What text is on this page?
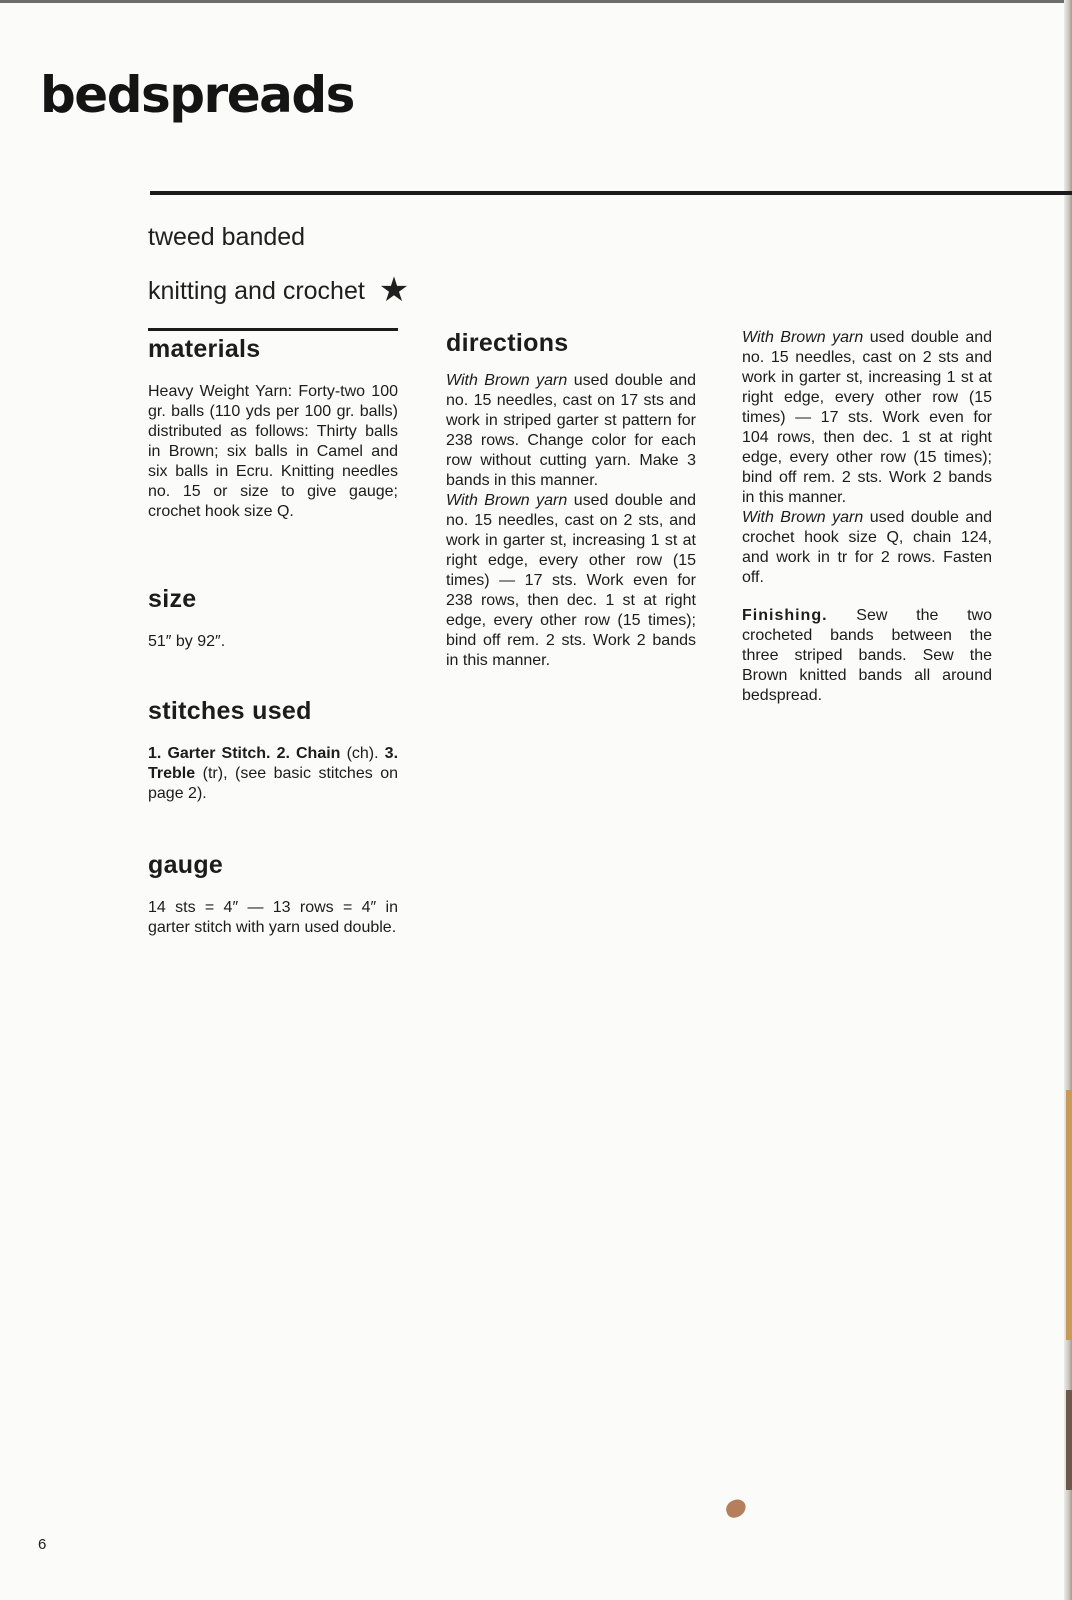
bedspreads
tweed banded
knitting and crochet ★
materials

Heavy Weight Yarn: Forty-two 100 gr. balls (110 yds per 100 gr. balls) distributed as follows: Thirty balls in Brown; six balls in Camel and six balls in Ecru. Knitting needles no. 15 or size to give gauge; crochet hook size Q.

size

51″ by 92″.

stitches used

1. Garter Stitch. 2. Chain (ch). 3. Treble (tr), (see basic stitches on page 2).

gauge

14 sts = 4″ — 13 rows = 4″ in garter stitch with yarn used double.

directions

With Brown yarn used double and no. 15 needles, cast on 17 sts and work in striped garter st pattern for 238 rows. Change color for each row without cutting yarn. Make 3 bands in this manner.

With Brown yarn used double and no. 15 needles, cast on 2 sts, and work in garter st, increasing 1 st at right edge, every other row (15 times) — 17 sts. Work even for 238 rows, then dec. 1 st at right edge, every other row (15 times); bind off rem. 2 sts. Work 2 bands in this manner.

With Brown yarn used double and no. 15 needles, cast on 2 sts and work in garter st, increasing 1 st at right edge, every other row (15 times) — 17 sts. Work even for 104 rows, then dec. 1 st at right edge, every other row (15 times); bind off rem. 2 sts. Work 2 bands in this manner.

With Brown yarn used double and crochet hook size Q, chain 124, and work in tr for 2 rows. Fasten off.

Finishing. Sew the two crocheted bands between the three striped bands. Sew the Brown knitted bands all around bedspread.

6
